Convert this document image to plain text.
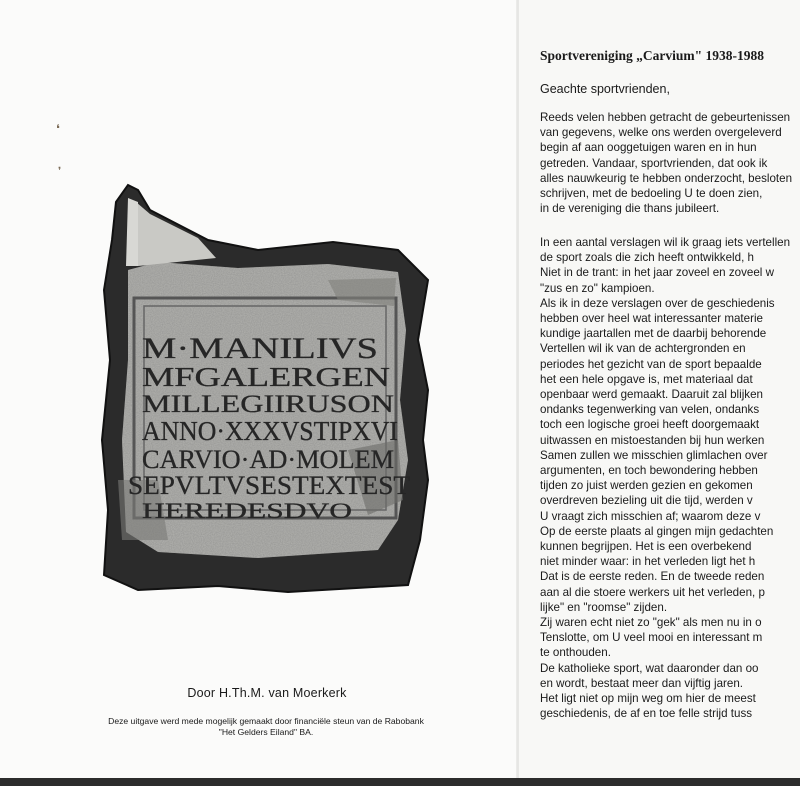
❛
❜
M·MANILIVS
MFGALERGEN
MILLEGIIRUSON
ANNO·XXXVSTIPXVI
CARVIO·AD·MOLEM
SEPVLTVSESTEXTEST
HEREDESDVO
Door H.Th.M. van Moerkerk
Deze uitgave werd mede mogelijk gemaakt door financiële steun van de Rabobank
"Het Gelders Eiland" BA.
Sportvereniging „Carvium" 1938-1988
Geachte sportvrienden,
Reeds velen hebben getracht de gebeurtenissen
van gegevens, welke ons werden overgeleverd
begin af aan ooggetuigen waren en in hun
getreden. Vandaar, sportvrienden, dat ook ik
alles nauwkeurig te hebben onderzocht, besloten
schrijven, met de bedoeling U te doen zien,
in de vereniging die thans jubileert.
In een aantal verslagen wil ik graag iets vertellen
de sport zoals die zich heeft ontwikkeld, h
Niet in de trant: in het jaar zoveel en zoveel w
"zus en zo" kampioen.
Als ik in deze verslagen over de geschiedenis
hebben over heel wat interessanter materie
kundige jaartallen met de daarbij behorende
Vertellen wil ik van de achtergronden en
periodes het gezicht van de sport bepaalde
het een hele opgave is, met materiaal dat
openbaar werd gemaakt. Daaruit zal blijken
ondanks tegenwerking van velen, ondanks
toch een logische groei heeft doorgemaakt
uitwassen en mistoestanden bij hun werken
Samen zullen we misschien glimlachen over
argumenten, en toch bewondering hebben
tijden zo juist werden gezien en gekomen
overdreven bezieling uit die tijd, werden v
U vraagt zich misschien af; waarom deze v
Op de eerste plaats al gingen mijn gedachten
kunnen begrijpen. Het is een overbekend
niet minder waar: in het verleden ligt het h
Dat is de eerste reden. En de tweede reden
aan al die stoere werkers uit het verleden, p
lijke" en "roomse" zijden.
Zij waren echt niet zo "gek" als men nu in o
Tenslotte, om U veel mooi en interessant m
te onthouden.
De katholieke sport, wat daaronder dan oo
en wordt, bestaat meer dan vijftig jaren.
Het ligt niet op mijn weg om hier de meest
geschiedenis, de af en toe felle strijd tuss
